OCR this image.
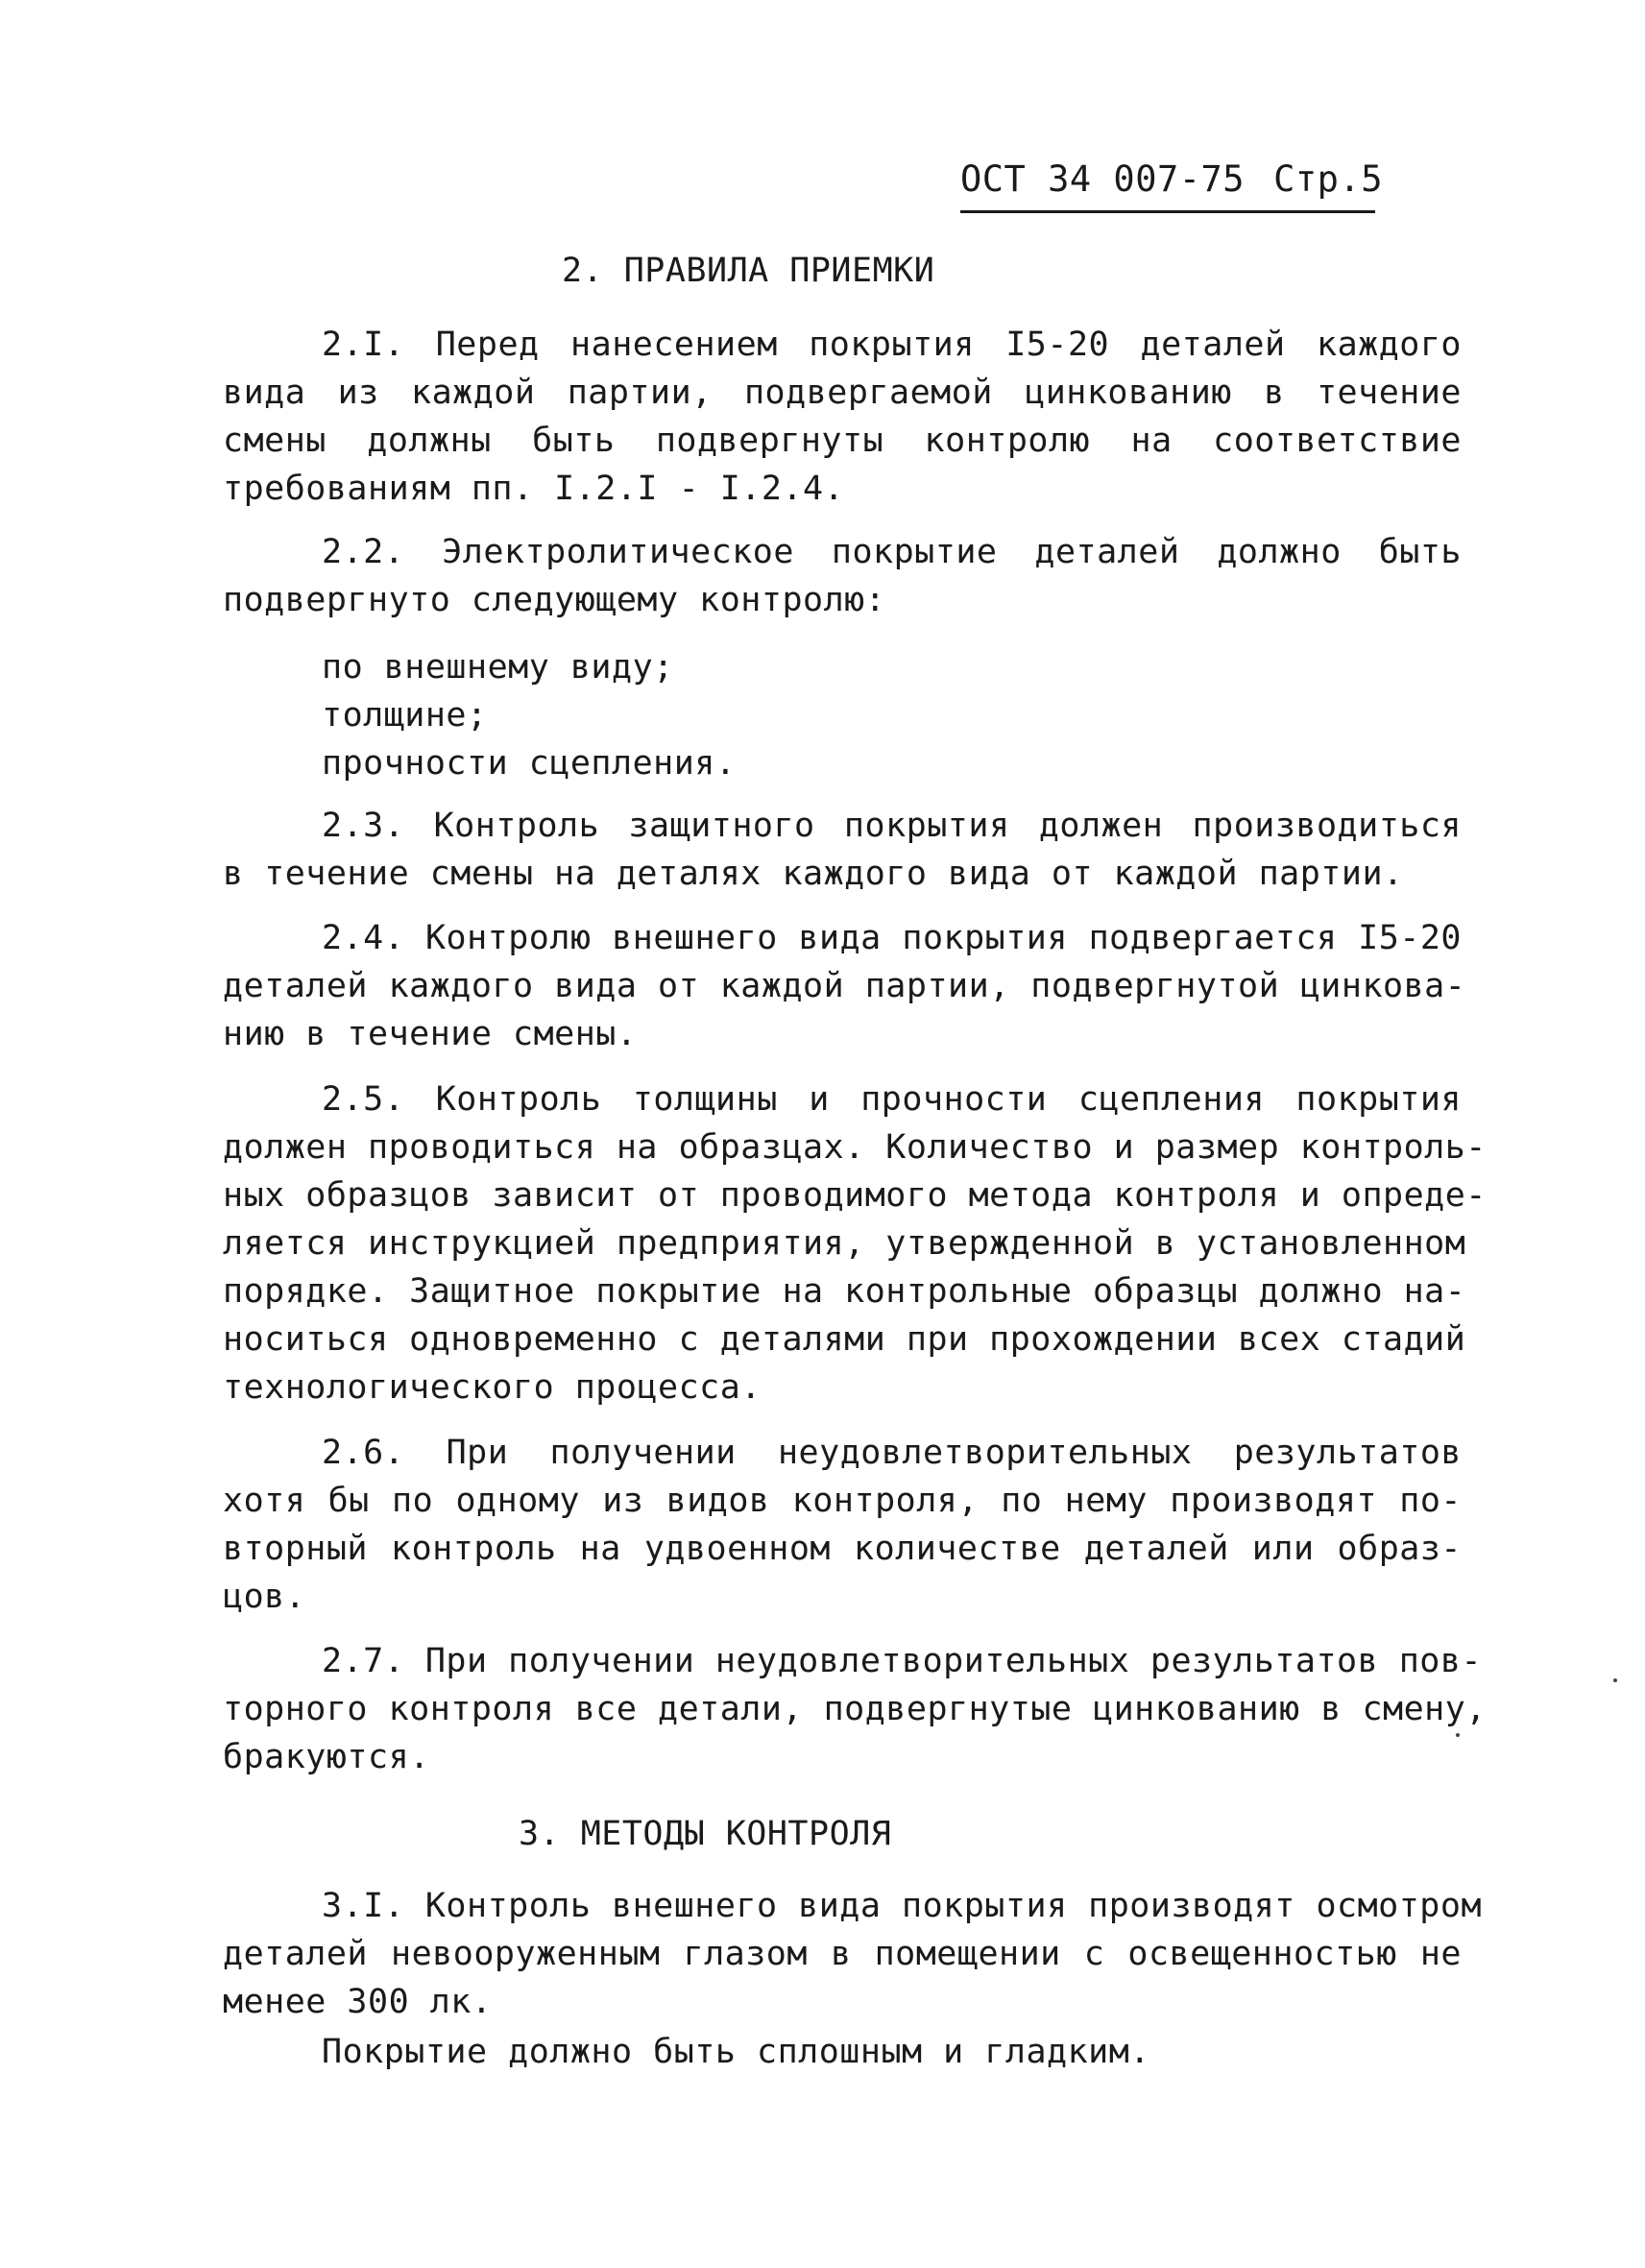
ОСТ 34 007-75 Стр.5
2. ПРАВИЛА ПРИЕМКИ
2.I. Перед нанесением покрытия I5-20 деталей каждого
вида из каждой партии, подвергаемой цинкованию в течение
смены должны быть подвергнуты контролю на соответствие
требованиям пп. I.2.I - I.2.4.
2.2. Электролитическое покрытие деталей должно быть
подвергнуто следующему контролю:
по внешнему виду;
толщине;
прочности сцепления.
2.3. Контроль защитного покрытия должен производиться
в течение смены на деталях каждого вида от каждой партии.
2.4. Контролю внешнего вида покрытия подвергается I5-20
деталей каждого вида от каждой партии, подвергнутой цинкова-
нию в течение смены.
2.5. Контроль толщины и прочности сцепления покрытия
должен проводиться на образцах. Количество и размер контроль-
ных образцов зависит от проводимого метода контроля и опреде-
ляется инструкцией предприятия, утвержденной в установленном
порядке. Защитное покрытие на контрольные образцы должно на-
носиться одновременно с деталями при прохождении всех стадий
технологического процесса.
2.6. При получении неудовлетворительных результатов
хотя бы по одному из видов контроля, по нему производят по-
вторный контроль на удвоенном количестве деталей или образ-
цов.
2.7. При получении неудовлетворительных результатов пов-
торного контроля все детали, подвергнутые цинкованию в смену,
бракуются.
3. МЕТОДЫ КОНТРОЛЯ
3.I. Контроль внешнего вида покрытия производят осмотром
деталей невооруженным глазом в помещении с освещенностью не
менее 300 лк.
Покрытие должно быть сплошным и гладким.
